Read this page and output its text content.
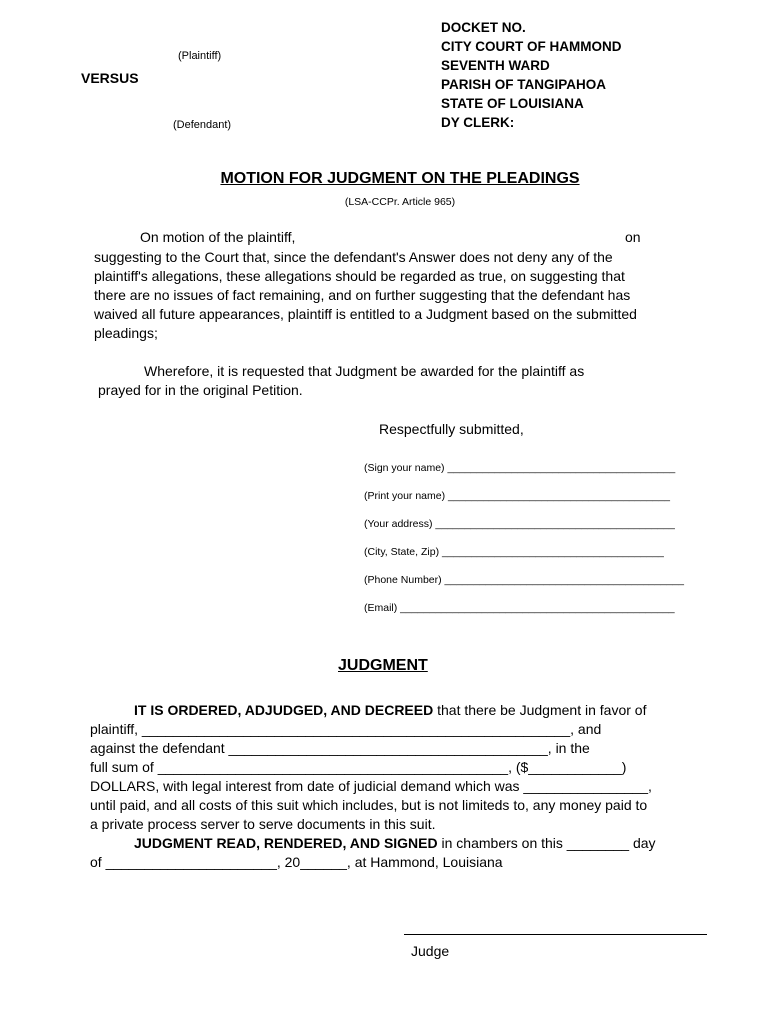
(Plaintiff)
VERSUS
(Defendant)
DOCKET NO.
CITY COURT OF HAMMOND
SEVENTH WARD
PARISH OF TANGIPAHOA
STATE OF LOUISIANA
DY CLERK:
MOTION FOR JUDGMENT ON THE PLEADINGS
(LSA-CCPr. Article 965)
On motion of the plaintiff,	on
suggesting to the Court that, since the defendant's Answer does not deny any of the
plaintiff's allegations, these allegations should be regarded as true, on suggesting that
there are no issues of fact remaining, and on further suggesting that the defendant has
waived all future appearances, plaintiff is entitled to a Judgment based on the submitted
pleadings;
Wherefore, it is requested that Judgment be awarded for the plaintiff as
prayed for in the original Petition.
Respectfully submitted,
(Sign your name) _______________________________________
(Print your name) ______________________________________
(Your address) _________________________________________
(City, State, Zip) ______________________________________
(Phone Number) _________________________________________
(Email) _______________________________________________
JUDGMENT
IT IS ORDERED, ADJUDGED, AND DECREED that there be Judgment in favor of
plaintiff, _______________________________________________________, and
against the defendant _________________________________________, in the
full sum of _____________________________________________, ($____________)
DOLLARS, with legal interest from date of judicial demand which was ________________,
until paid, and all costs of this suit which includes, but is not limiteds to, any money paid to
a private process server to serve documents in this suit.
JUDGMENT READ, RENDERED, AND SIGNED in chambers on this ________ day
of ______________________, 20______, at Hammond, Louisiana
Judge
